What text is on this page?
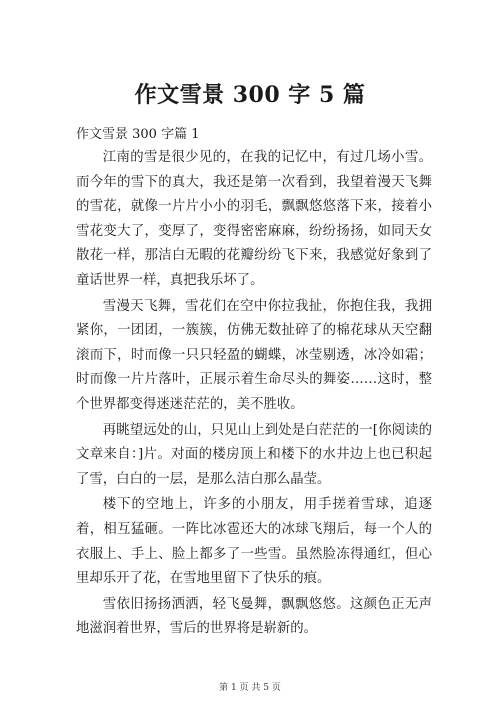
作文雪景 300 字 5 篇
作文雪景 300 字篇 1

江南的雪是很少见的，在我的记忆中，有过几场小雪。而今年的雪下的真大，我还是第一次看到，我望着漫天飞舞的雪花，就像一片片小小的羽毛，飘飘悠悠落下来，接着小雪花变大了，变厚了，变得密密麻麻，纷纷扬扬，如同天女散花一样，那洁白无暇的花瓣纷纷飞下来，我感觉好象到了童话世界一样，真把我乐坏了。

雪漫天飞舞，雪花们在空中你拉我扯，你抱住我，我拥紧你，一团团，一簇簇，仿佛无数扯碎了的棉花球从天空翻滚而下，时而像一只只轻盈的蝴蝶，冰莹剔透，冰冷如霜；时而像一片片落叶，正展示着生命尽头的舞姿……这时，整个世界都变得迷迷茫茫的，美不胜收。

再眺望远处的山，只见山上到处是白茫茫的一[你阅读的文章来自：]片。对面的楼房顶上和楼下的水井边上也已积起了雪，白白的一层，是那么洁白那么晶莹。

楼下的空地上，许多的小朋友，用手搓着雪球，追逐着，相互猛砸。一阵比冰雹还大的冰球飞翔后，每一个人的衣服上、手上、脸上都多了一些雪。虽然脸冻得通红，但心里却乐开了花，在雪地里留下了快乐的痕。

雪依旧扬扬洒洒，轻飞曼舞，飘飘悠悠。这颜色正无声地滋润着世界，雪后的世界将是崭新的。

第 1 页 共 5 页
